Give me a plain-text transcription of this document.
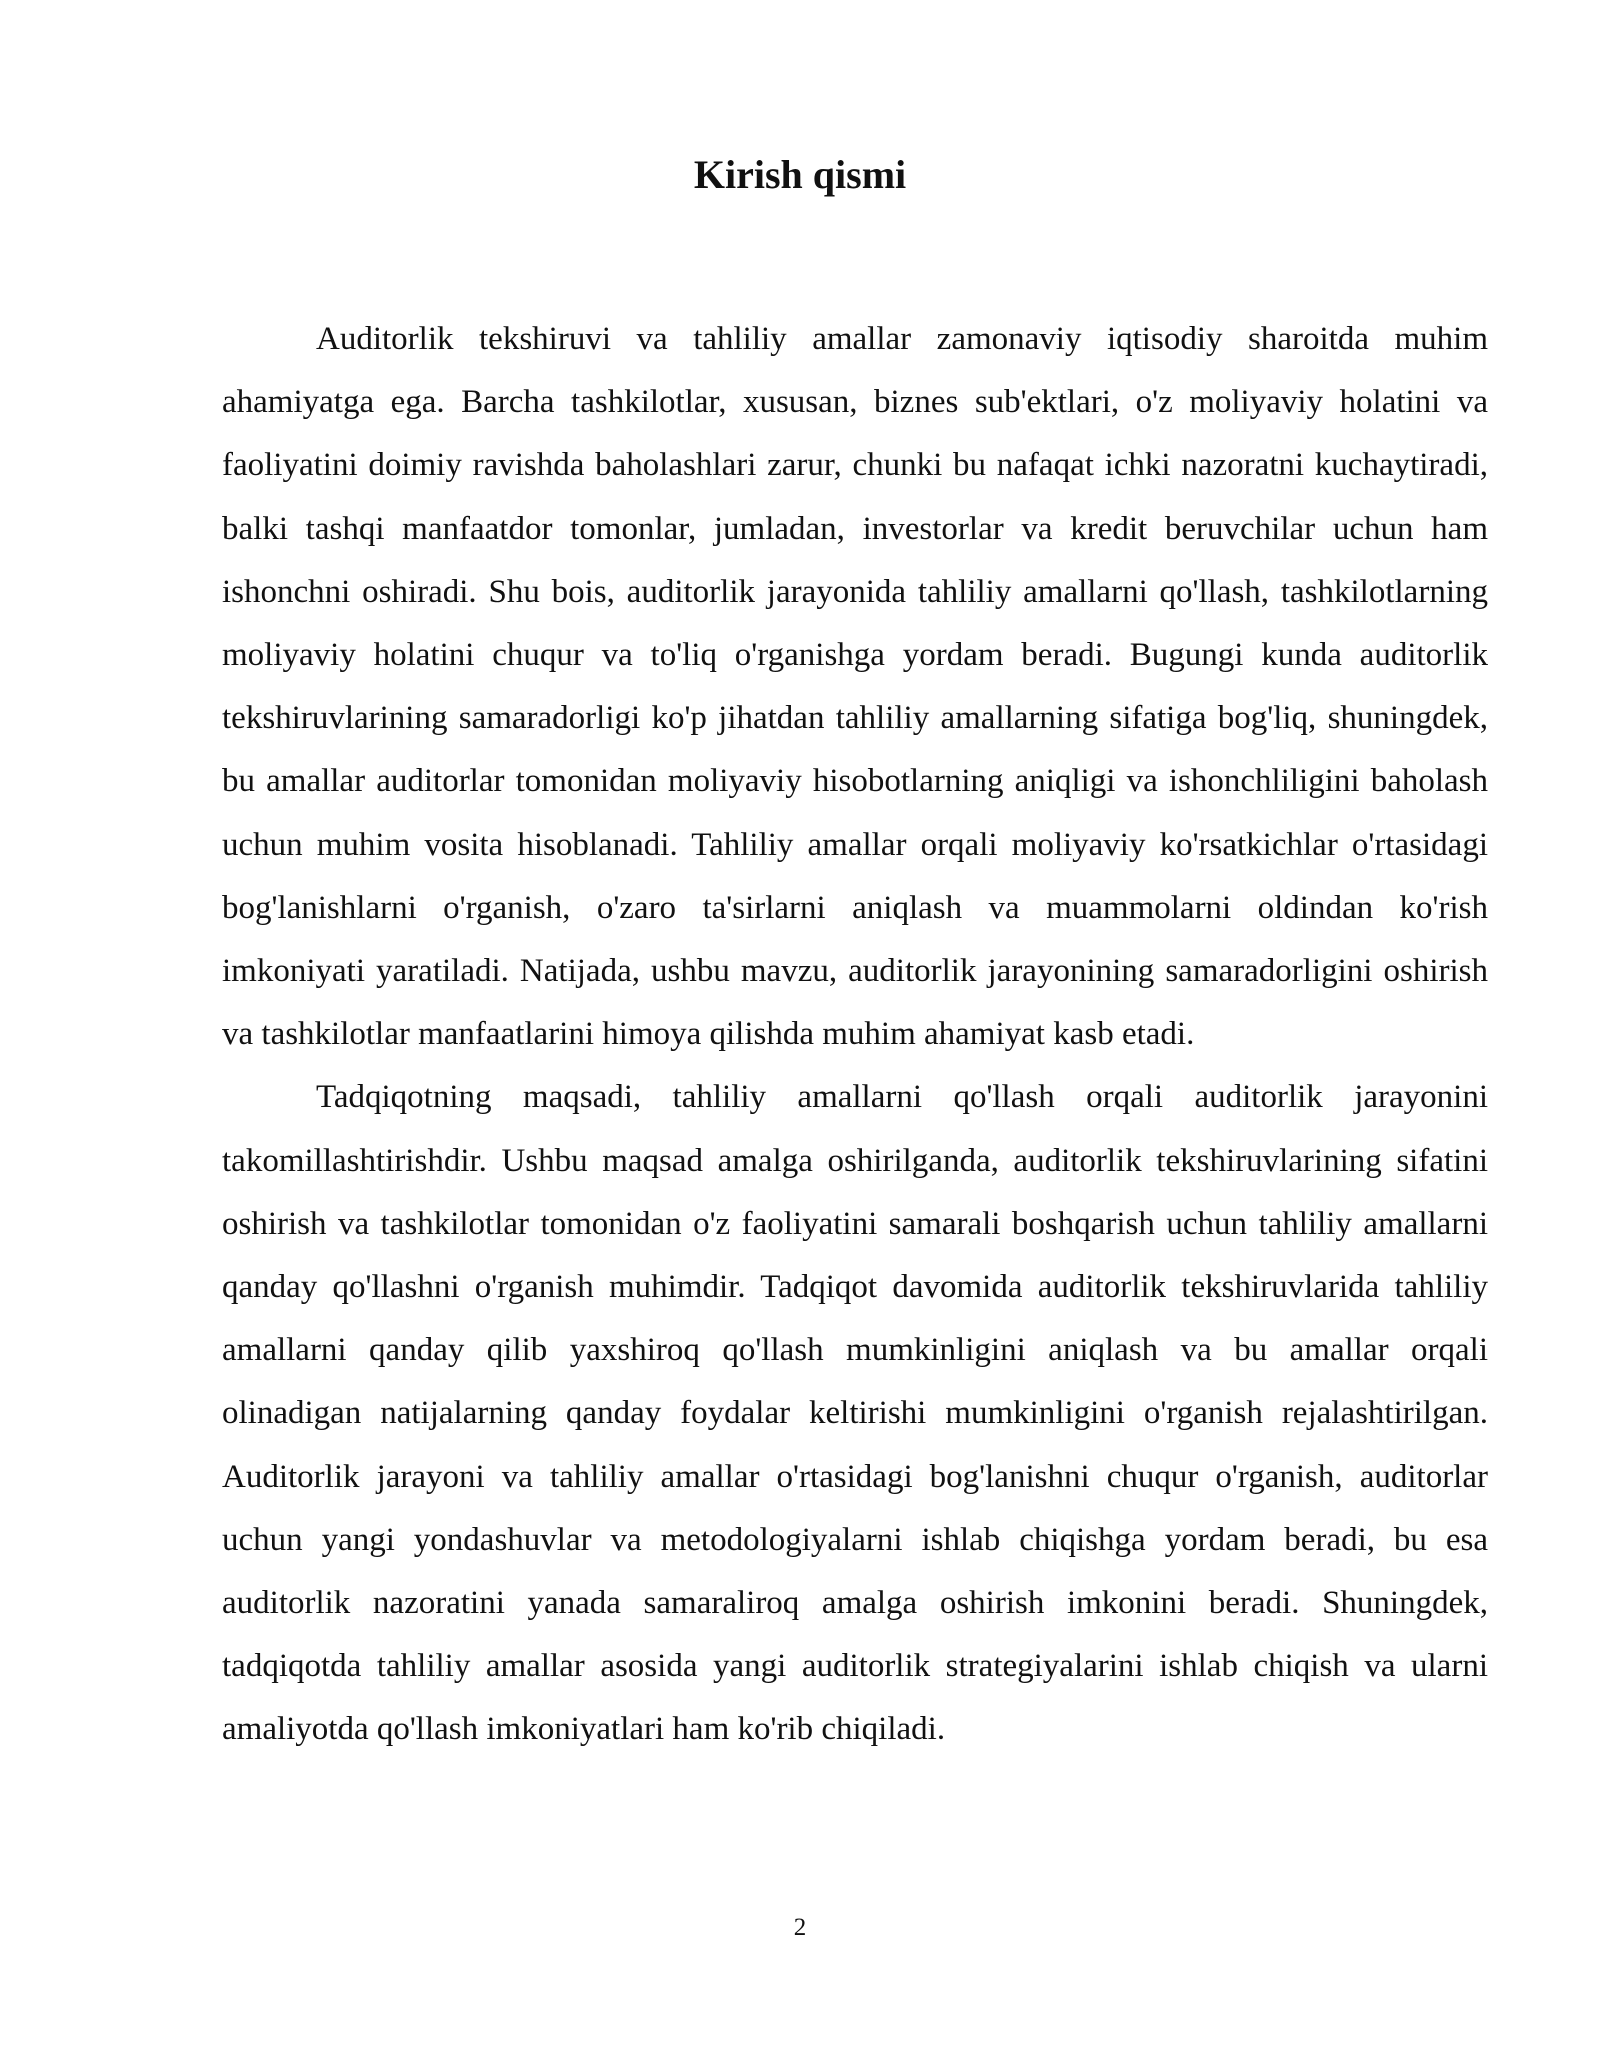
Kirish qismi

Auditorlik tekshiruvi va tahliliy amallar zamonaviy iqtisodiy sharoitda muhim ahamiyatga ega. Barcha tashkilotlar, xususan, biznes sub'ektlari, o'z moliyaviy holatini va faoliyatini doimiy ravishda baholashlari zarur, chunki bu nafaqat ichki nazoratni kuchaytiradi, balki tashqi manfaatdor tomonlar, jumladan, investorlar va kredit beruvchilar uchun ham ishonchni oshiradi. Shu bois, auditorlik jarayonida tahliliy amallarni qo'llash, tashkilotlarning moliyaviy holatini chuqur va to'liq o'rganishga yordam beradi. Bugungi kunda auditorlik tekshiruvlarining samaradorligi ko'p jihatdan tahliliy amallarning sifatiga bog'liq, shuningdek, bu amallar auditorlar tomonidan moliyaviy hisobotlarning aniqligi va ishonchliligini baholash uchun muhim vosita hisoblanadi. Tahliliy amallar orqali moliyaviy ko'rsatkichlar o'rtasidagi bog'lanishlarni o'rganish, o'zaro ta'sirlarni aniqlash va muammolarni oldindan ko'rish imkoniyati yaratiladi. Natijada, ushbu mavzu, auditorlik jarayonining samaradorligini oshirish va tashkilotlar manfaatlarini himoya qilishda muhim ahamiyat kasb etadi.

Tadqiqotning maqsadi, tahliliy amallarni qo'llash orqali auditorlik jarayonini takomillashtirishdir. Ushbu maqsad amalga oshirilganda, auditorlik tekshiruvlarining sifatini oshirish va tashkilotlar tomonidan o'z faoliyatini samarali boshqarish uchun tahliliy amallarni qanday qo'llashni o'rganish muhimdir. Tadqiqot davomida auditorlik tekshiruvlarida tahliliy amallarni qanday qilib yaxshiroq qo'llash mumkinligini aniqlash va bu amallar orqali olinadigan natijalarning qanday foydalar keltirishi mumkinligini o'rganish rejalashtirilgan. Auditorlik jarayoni va tahliliy amallar o'rtasidagi bog'lanishni chuqur o'rganish, auditorlar uchun yangi yondashuvlar va metodologiyalarni ishlab chiqishga yordam beradi, bu esa auditorlik nazoratini yanada samaraliroq amalga oshirish imkonini beradi. Shuningdek, tadqiqotda tahliliy amallar asosida yangi auditorlik strategiyalarini ishlab chiqish va ularni amaliyotda qo'llash imkoniyatlari ham ko'rib chiqiladi.

2
